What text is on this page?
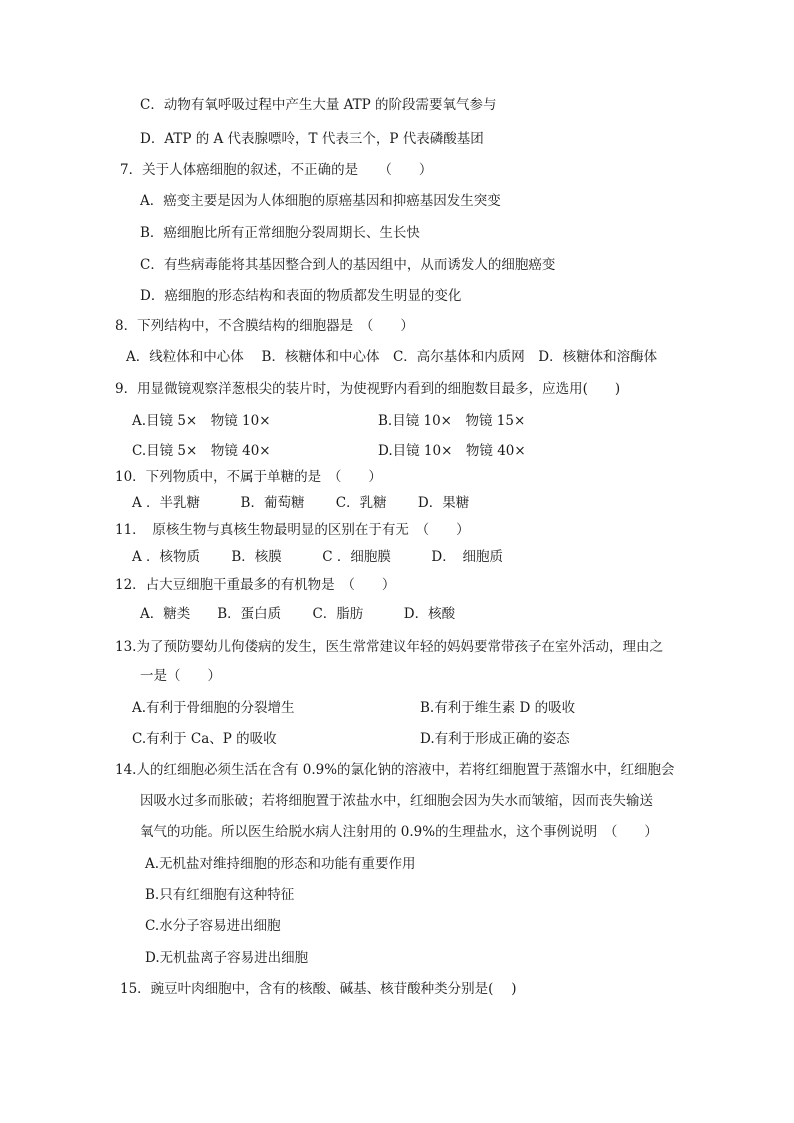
C．动物有氧呼吸过程中产生大量 ATP 的阶段需要氧气参与
D．ATP 的 A 代表腺嘌呤，T 代表三个，P 代表磷酸基团
7．关于人体癌细胞的叙述，不正确的是　　（　　）
A．癌变主要是因为人体细胞的原癌基因和抑癌基因发生突变
B．癌细胞比所有正常细胞分裂周期长、生长快
C．有些病毒能将其基因整合到人的基因组中，从而诱发人的细胞癌变
D．癌细胞的形态结构和表面的物质都发生明显的变化
8．下列结构中，不含膜结构的细胞器是　（　　）
A．线粒体和中心体　 B．核糖体和中心体　C．高尔基体和内质网　D．核糖体和溶酶体
9．用显微镜观察洋葱根尖的装片时，为使视野内看到的细胞数目最多，应选用(　　)
A.目镜 5×　物镜 10×	B.目镜 10×　物镜 15×
C.目镜 5×　物镜 40×	D.目镜 10×　物镜 40×
10．下列物质中，不属于单糖的是　（　　）
A ．半乳糖　　　B．葡萄糖　　 C．乳糖　　 D．果糖
11．　原核生物与真核生物最明显的区别在于有无　（　　）
A ．核物质　　 B．核膜　　　C ．细胞膜　　　D．　细胞质
12．占大豆细胞干重最多的有机物是　（　　）
A．糖类　　B．蛋白质　　 C．脂肪　　　D．核酸
13.为了预防婴幼儿佝偻病的发生，医生常常建议年轻的妈妈要常带孩子在室外活动，理由之
一是（　　）
A.有利于骨细胞的分裂增生	B.有利于维生素 D 的吸收
C.有利于 Ca、P 的吸收	D.有利于形成正确的姿态
14.人的红细胞必须生活在含有 0.9%的氯化钠的溶液中，若将红细胞置于蒸馏水中，红细胞会
因吸水过多而胀破；若将细胞置于浓盐水中，红细胞会因为失水而皱缩，因而丧失输送
氧气的功能。所以医生给脱水病人注射用的 0.9%的生理盐水，这个事例说明　（　　）
A.无机盐对维持细胞的形态和功能有重要作用
B.只有红细胞有这种特征
C.水分子容易进出细胞
D.无机盐离子容易进出细胞
15．豌豆叶肉细胞中，含有的核酸、碱基、核苷酸种类分别是(　 )
